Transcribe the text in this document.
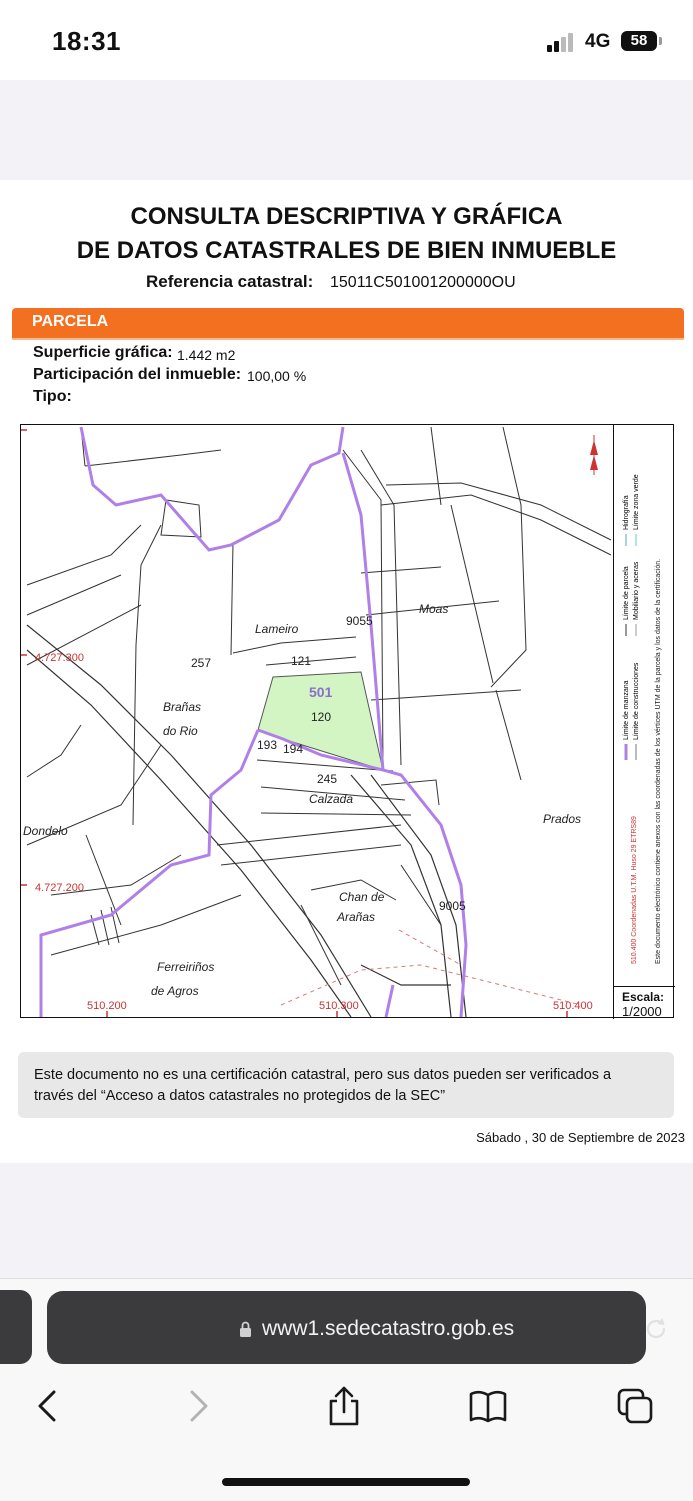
18:31	4G	58
CONSULTA DESCRIPTIVA Y GRÁFICA
DE DATOS CATASTRALES DE BIEN INMUEBLE
Referencia catastral: 15011C501001200000OU
PARCELA
Superficie gráfica: 1.442 m2
Participación del inmueble: 100,00 %
Tipo:
501
120
121
193 194
245
257
9055
9005
Lameiro
Moas
Brañas
do Rio
Calzada
Prados
Chan de
Arañas
Ferreiriños
de Agros
Dondelo
4.727.300
4.727.200
510.200	510.300	510.400
510.400 Coordenadas U.T.M. Huso 29 ETRS89 Este documento electrónico contiene anexos con las coordenadas de los vértices UTM de la parcela y los datos de la certificación.
Límite de manzana Límite de construcciones
Límite de parcela Mobiliario y aceras
Hidrografía Límite zona verde
Escala:
1/2000
Este documento no es una certificación catastral, pero sus datos pueden ser verificados a través del “Acceso a datos catastrales no protegidos de la SEC”
Sábado , 30 de Septiembre de 2023
www1.sedecatastro.gob.es
